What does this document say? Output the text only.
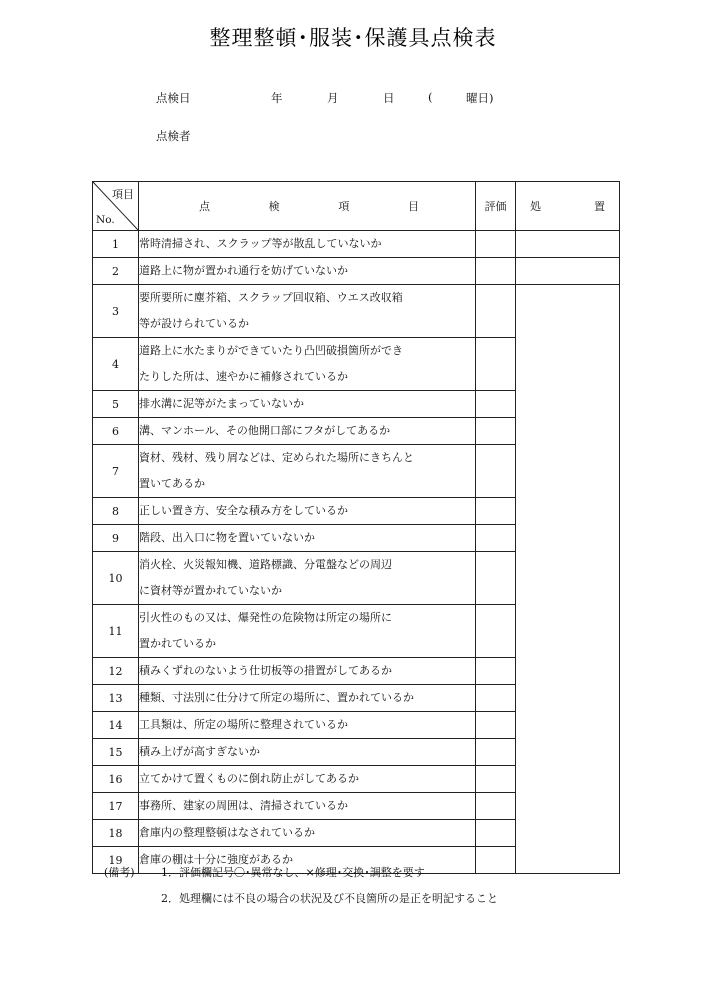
整理整頓･服装･保護具点検表
点検日	年	月	日	(	曜日)
点検者
項目
No.	点 検 項 目	評価	処 置

1	常時清掃され、スクラップ等が散乱していないか		

2	道路上に物が置かれ通行を妨げていないか		

3	要所要所に塵芥箱、スクラップ回収箱、ウエス改収箱
等が設けられているか		

4	道路上に水たまりができていたり凸凹破損箇所ができ
たりした所は、速やかに補修されているか		

5	排水溝に泥等がたまっていないか		

6	溝、マンホール、その他開口部にフタがしてあるか		

7	資材、残材、残り屑などは、定められた場所にきちんと
置いてあるか		

8	正しい置き方、安全な積み方をしているか		

9	階段、出入口に物を置いていないか		

10	消火栓、火災報知機、道路標識、分電盤などの周辺
に資材等が置かれていないか		

11	引火性のもの又は、爆発性の危険物は所定の場所に
置かれているか		

12	積みくずれのないよう仕切板等の措置がしてあるか		

13	種類、寸法別に仕分けて所定の場所に、置かれているか		

14	工具類は、所定の場所に整理されているか		

15	積み上げが高すぎないか		

16	立てかけて置くものに倒れ防止がしてあるか		

17	事務所、建家の周囲は、清掃されているか		

18	倉庫内の整理整頓はなされているか		

19	倉庫の棚は十分に強度があるか		

(備考) 1．評価欄記号〇･異常なし、×修理･交換･調整を要す
2．処理欄には不良の場合の状況及び不良箇所の是正を明記すること
